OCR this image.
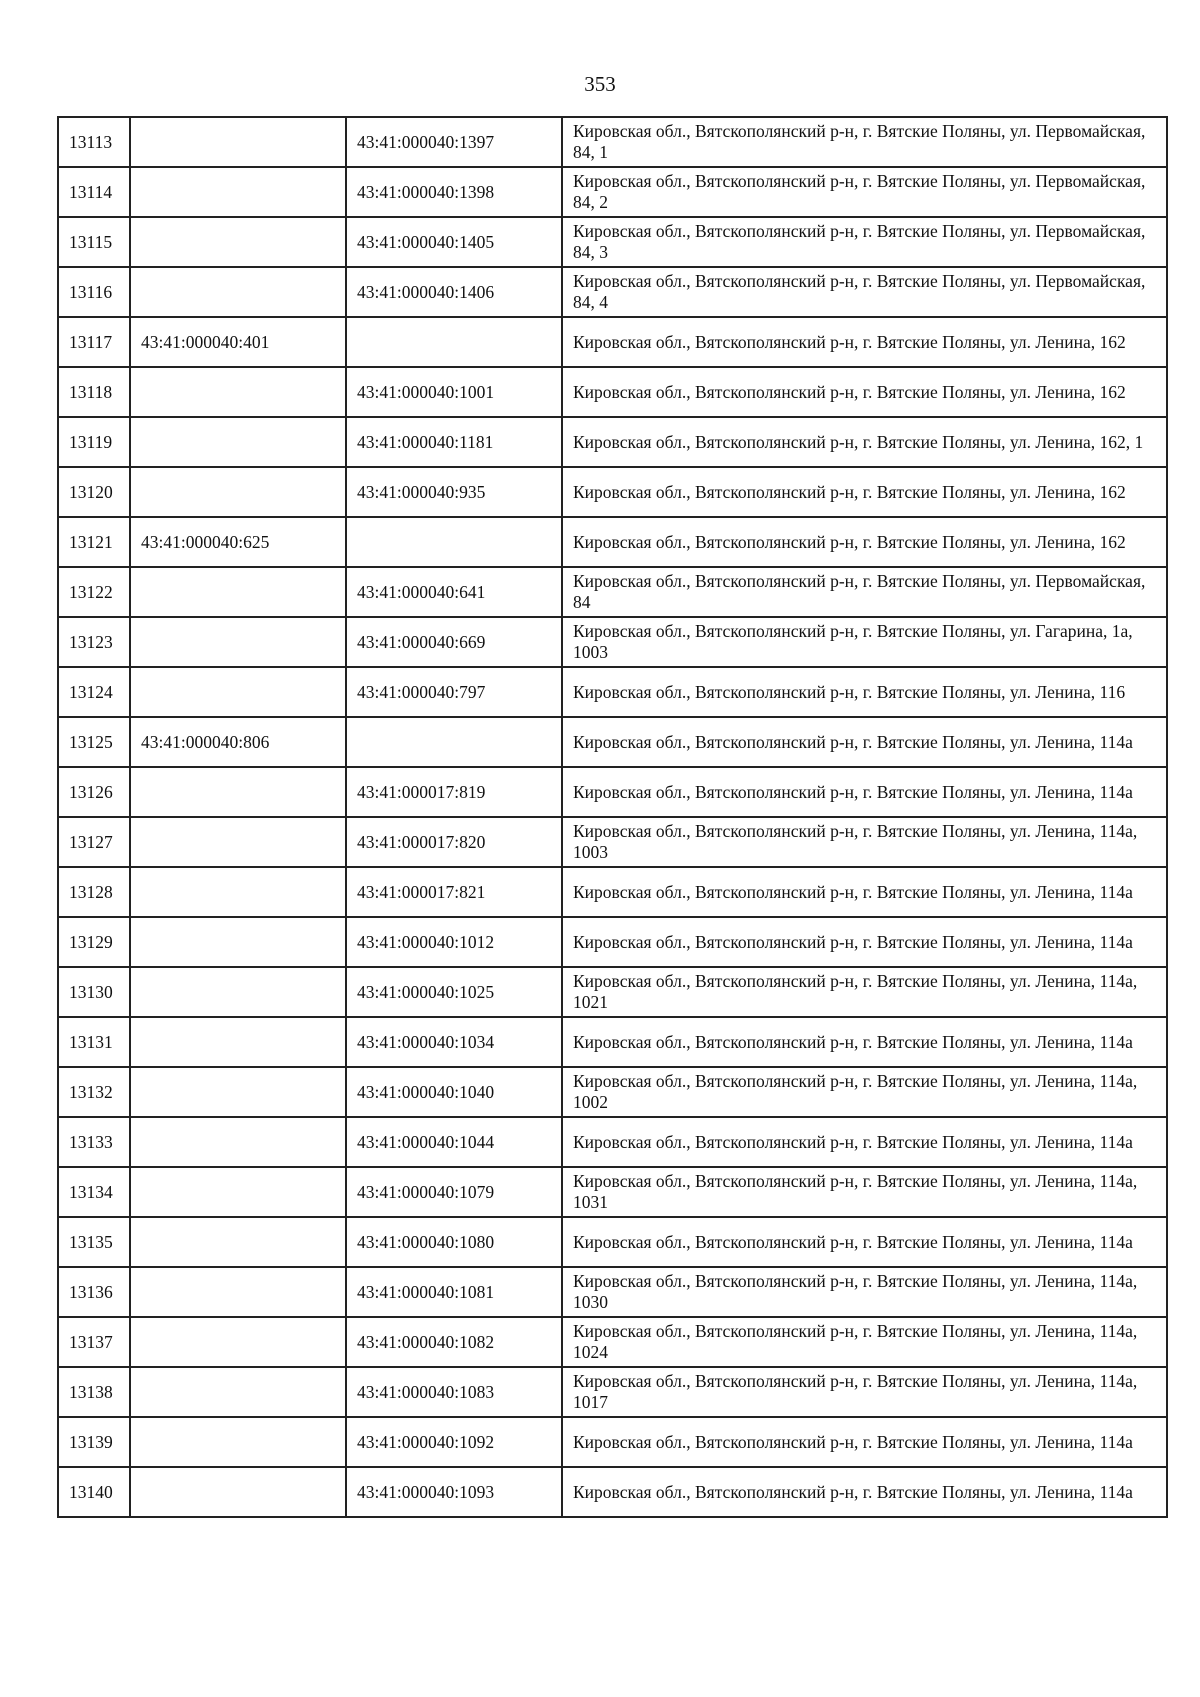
353
13113		43:41:000040:1397	Кировская обл., Вятскополянский р-н, г. Вятские Поляны, ул. Первомайская, 84, 1
13114		43:41:000040:1398	Кировская обл., Вятскополянский р-н, г. Вятские Поляны, ул. Первомайская, 84, 2
13115		43:41:000040:1405	Кировская обл., Вятскополянский р-н, г. Вятские Поляны, ул. Первомайская, 84, 3
13116		43:41:000040:1406	Кировская обл., Вятскополянский р-н, г. Вятские Поляны, ул. Первомайская, 84, 4
13117	43:41:000040:401		Кировская обл., Вятскополянский р-н, г. Вятские Поляны, ул. Ленина, 162
13118		43:41:000040:1001	Кировская обл., Вятскополянский р-н, г. Вятские Поляны, ул. Ленина, 162
13119		43:41:000040:1181	Кировская обл., Вятскополянский р-н, г. Вятские Поляны, ул. Ленина, 162, 1
13120		43:41:000040:935	Кировская обл., Вятскополянский р-н, г. Вятские Поляны, ул. Ленина, 162
13121	43:41:000040:625		Кировская обл., Вятскополянский р-н, г. Вятские Поляны, ул. Ленина, 162
13122		43:41:000040:641	Кировская обл., Вятскополянский р-н, г. Вятские Поляны, ул. Первомайская, 84
13123		43:41:000040:669	Кировская обл., Вятскополянский р-н, г. Вятские Поляны, ул. Гагарина, 1а, 1003
13124		43:41:000040:797	Кировская обл., Вятскополянский р-н, г. Вятские Поляны, ул. Ленина, 116
13125	43:41:000040:806		Кировская обл., Вятскополянский р-н, г. Вятские Поляны, ул. Ленина, 114а
13126		43:41:000017:819	Кировская обл., Вятскополянский р-н, г. Вятские Поляны, ул. Ленина, 114а
13127		43:41:000017:820	Кировская обл., Вятскополянский р-н, г. Вятские Поляны, ул. Ленина, 114а, 1003
13128		43:41:000017:821	Кировская обл., Вятскополянский р-н, г. Вятские Поляны, ул. Ленина, 114а
13129		43:41:000040:1012	Кировская обл., Вятскополянский р-н, г. Вятские Поляны, ул. Ленина, 114а
13130		43:41:000040:1025	Кировская обл., Вятскополянский р-н, г. Вятские Поляны, ул. Ленина, 114а, 1021
13131		43:41:000040:1034	Кировская обл., Вятскополянский р-н, г. Вятские Поляны, ул. Ленина, 114а
13132		43:41:000040:1040	Кировская обл., Вятскополянский р-н, г. Вятские Поляны, ул. Ленина, 114а, 1002
13133		43:41:000040:1044	Кировская обл., Вятскополянский р-н, г. Вятские Поляны, ул. Ленина, 114а
13134		43:41:000040:1079	Кировская обл., Вятскополянский р-н, г. Вятские Поляны, ул. Ленина, 114а, 1031
13135		43:41:000040:1080	Кировская обл., Вятскополянский р-н, г. Вятские Поляны, ул. Ленина, 114а
13136		43:41:000040:1081	Кировская обл., Вятскополянский р-н, г. Вятские Поляны, ул. Ленина, 114а, 1030
13137		43:41:000040:1082	Кировская обл., Вятскополянский р-н, г. Вятские Поляны, ул. Ленина, 114а, 1024
13138		43:41:000040:1083	Кировская обл., Вятскополянский р-н, г. Вятские Поляны, ул. Ленина, 114а, 1017
13139		43:41:000040:1092	Кировская обл., Вятскополянский р-н, г. Вятские Поляны, ул. Ленина, 114а
13140		43:41:000040:1093	Кировская обл., Вятскополянский р-н, г. Вятские Поляны, ул. Ленина, 114а
